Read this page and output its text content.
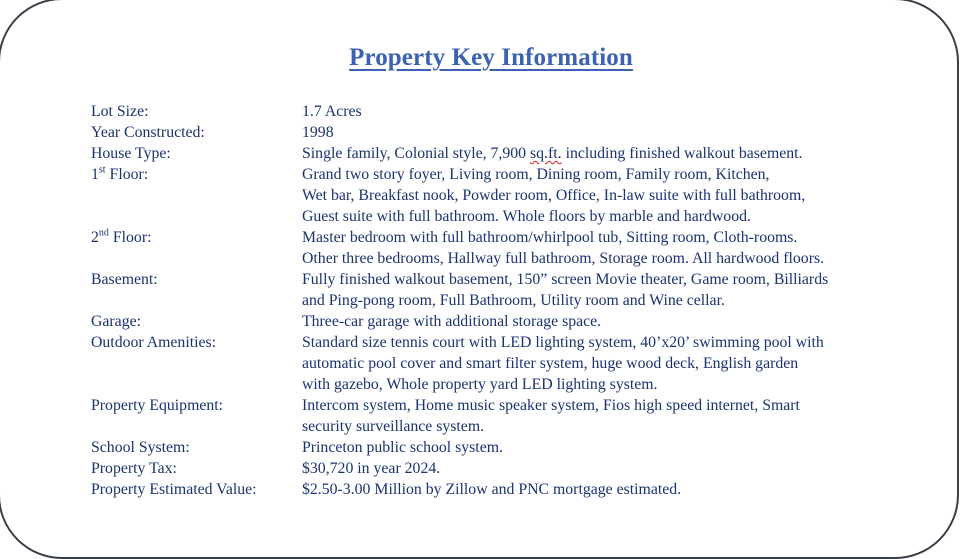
Property Key Information
Lot Size:	1.7 Acres
Year Constructed:	1998
House Type:	Single family, Colonial style, 7,900 sq.ft. including finished walkout basement.
1st Floor:	Grand two story foyer, Living room, Dining room, Family room, Kitchen,
Wet bar, Breakfast nook, Powder room, Office, In-law suite with full bathroom,
Guest suite with full bathroom. Whole floors by marble and hardwood.
2nd Floor:	Master bedroom with full bathroom/whirlpool tub, Sitting room, Cloth-rooms.
Other three bedrooms, Hallway full bathroom, Storage room. All hardwood floors.
Basement:	Fully finished walkout basement, 150” screen Movie theater, Game room, Billiards
and Ping-pong room, Full Bathroom, Utility room and Wine cellar.
Garage:	Three-car garage with additional storage space.
Outdoor Amenities:	Standard size tennis court with LED lighting system, 40’x20’ swimming pool with
automatic pool cover and smart filter system, huge wood deck, English garden
with gazebo, Whole property yard LED lighting system.
Property Equipment:	Intercom system, Home music speaker system, Fios high speed internet, Smart
security surveillance system.
School System:	Princeton public school system.
Property Tax:	$30,720 in year 2024.
Property Estimated Value:	$2.50-3.00 Million by Zillow and PNC mortgage estimated.
